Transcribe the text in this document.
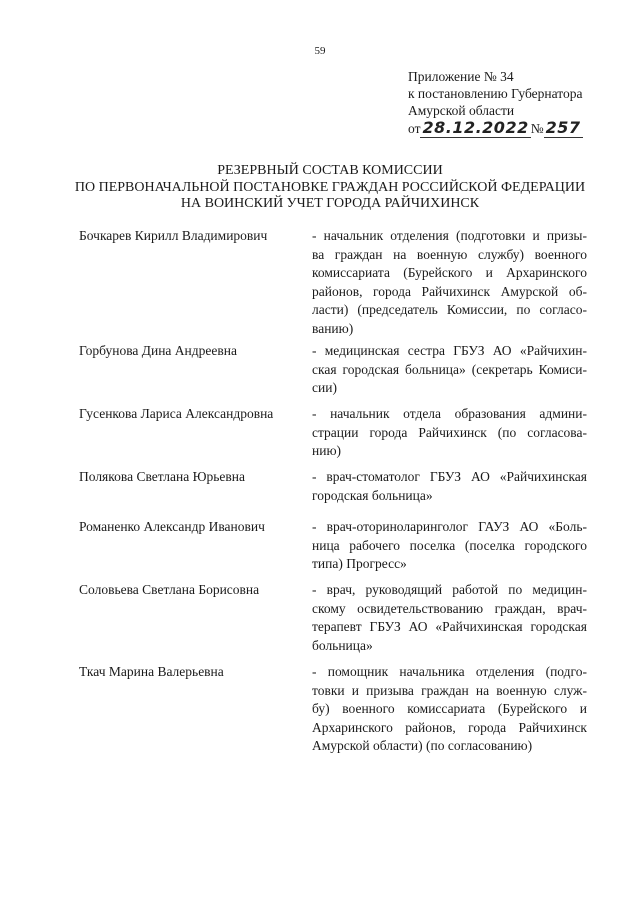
59
Приложение № 34
к постановлению Губернатора
Амурской области
от 28.12.2022 № 257
РЕЗЕРВНЫЙ СОСТАВ КОМИССИИ
ПО ПЕРВОНАЧАЛЬНОЙ ПОСТАНОВКЕ ГРАЖДАН РОССИЙСКОЙ ФЕДЕРАЦИИ
НА ВОИНСКИЙ УЧЕТ ГОРОДА РАЙЧИХИНСК
Бочкарев Кирилл Владимирович	- начальник отделения (подготовки и призы-
ва граждан на военную службу) военного
комиссариата (Бурейского и Архаринского
районов, города Райчихинск Амурской об-
ласти) (председатель Комиссии, по согласо-
ванию)
Горбунова Дина Андреевна	- медицинская сестра ГБУЗ АО «Райчихин-
ская городская больница» (секретарь Комиси-
сии)
Гусенкова Лариса Александровна	- начальник отдела образования админи-
страции города Райчихинск (по согласова-
нию)
Полякова Светлана Юрьевна	- врач-стоматолог ГБУЗ АО «Райчихинская
городская больница»
Романенко Александр Иванович	- врач-оториноларинголог ГАУЗ АО «Боль-
ница рабочего поселка (поселка городского
типа) Прогресс»
Соловьева Светлана Борисовна	- врач, руководящий работой по медицин-
скому освидетельствованию граждан, врач-
терапевт ГБУЗ АО «Райчихинская городская
больница»
Ткач Марина Валерьевна	- помощник начальника отделения (подго-
товки и призыва граждан на военную служ-
бу) военного комиссариата (Бурейского и
Архаринского районов, города Райчихинск
Амурской области) (по согласованию)
